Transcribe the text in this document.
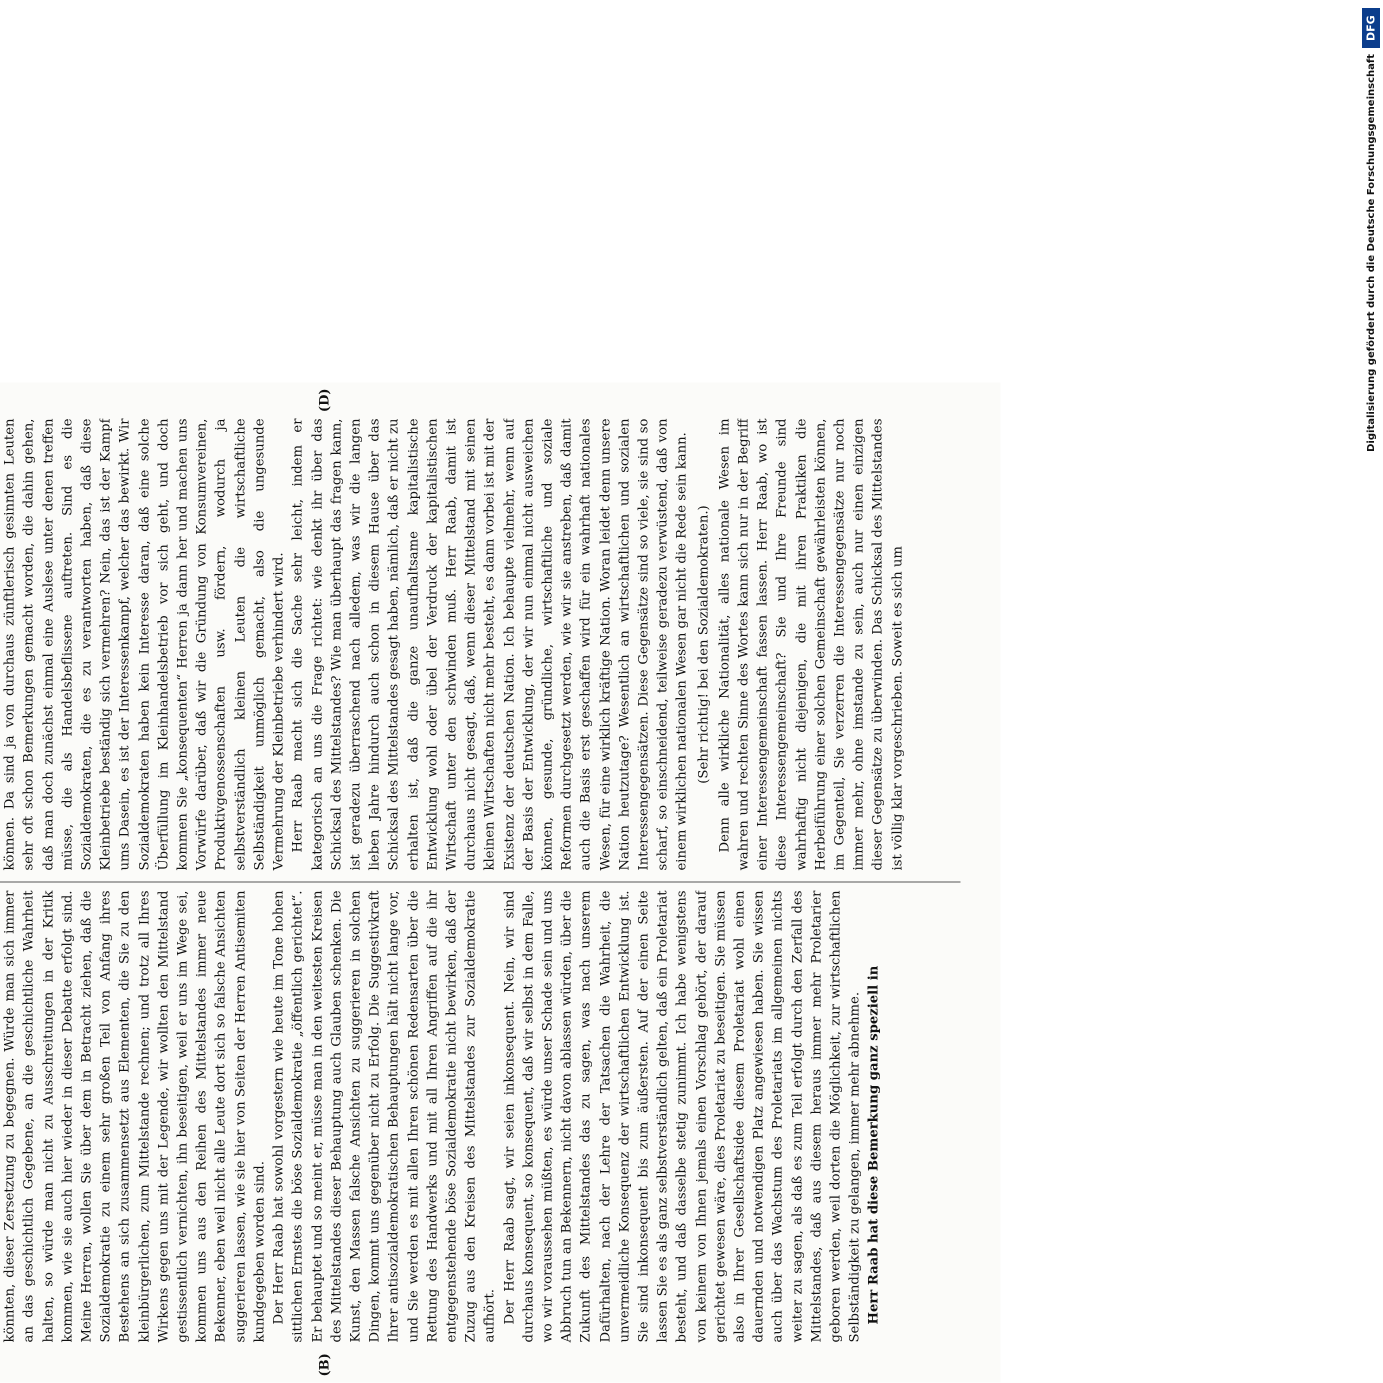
(B)
(D)

könnten, dieser Zersetzung zu begegnen. Würde man sich immer an das geschichtlich Gegebene, an die geschichtliche Wahrheit halten, so würde man nicht zu Ausschreitungen in der Kritik kommen, wie sie auch hier wieder in dieser Debatte erfolgt sind. Meine Herren, wollen Sie über dem in Betracht ziehen, daß die Sozialdemokratie zu einem sehr großen Teil von Anfang ihres Bestehens an sich zusammensetzt aus Elementen, die Sie zu den kleinbürgerlichen, zum Mittelstande rechnen; und trotz all Ihres Wirkens gegen uns mit der Legende, wir wollten den Mittelstand gestissentlich vernichten, ihn beseitigen, weil er uns im Wege sei, kommen uns aus den Reihen des Mittelstandes immer neue Bekenner, eben weil nicht alle Leute dort sich so falsche Ansichten suggerieren lassen, wie sie hier von Seiten der Herren Antisemiten kundgegeben worden sind. Der Herr Raab hat sowohl vorgestern wie heute im Tone hohen sittlichen Ernstes die böse Sozialdemokratie „öffentlich gerichtet“. Er behauptet und so meint er, müsse man in den weitesten Kreisen des Mittelstandes dieser Behauptung auch Glauben schenken. Die Kunst, den Massen falsche Ansichten zu suggerieren in solchen Dingen, kommt uns gegenüber nicht zu Erfolg. Die Suggestivkraft Ihrer antisozialdemokratischen Behauptungen hält nicht lange vor, und Sie werden es mit allen Ihren schönen Redensarten über die Rettung des Handwerks und mit all Ihren Angriffen auf die ihr entgegenstehende böse Sozialdemokratie nicht bewirken, daß der Zuzug aus den Kreisen des Mittelstandes zur Sozialdemokratie aufhört. Der Herr Raab sagt, wir seien inkonsequent. Nein, wir sind durchaus konsequent, so konsequent, daß wir selbst in dem Falle, wo wir voraussehen müßten, es würde unser Schade sein und uns Abbruch tun an Bekennern, nicht davon ablassen würden, über die Zukunft des Mittelstandes das zu sagen, was nach unserem Dafürhalten, nach der Lehre der Tatsachen die Wahrheit, die unvermeidliche Konsequenz der wirtschaftlichen Entwicklung ist. Sie sind inkonsequent bis zum äußersten. Auf der einen Seite lassen Sie es als ganz selbstverständlich gelten, daß ein Proletariat besteht, und daß dasselbe stetig zunimmt. Ich habe wenigstens von keinem von Ihnen jemals einen Vorschlag gehört, der darauf gerichtet gewesen wäre, dies Proletariat zu beseitigen. Sie müssen also in Ihrer Gesellschaftsidee diesem Proletariat wohl einen dauernden und notwendigen Platz angewiesen haben. Sie wissen auch über das Wachstum des Proletariats im allgemeinen nichts weiter zu sagen, als daß es zum Teil erfolgt durch den Zerfall des Mittelstandes, daß aus diesem heraus immer mehr Proletarier geboren werden, weil dorten die Möglichkeit, zur wirtschaftlichen Selbständigkeit zu gelangen, immer mehr abnehme. Herr Raab hat diese Bemerkung ganz speziell in

können. Da sind ja von durchaus zünftlerisch gesinnten Leuten sehr oft schon Bemerkungen gemacht worden, die dahin gehen, daß man doch zunächst einmal eine Auslese unter denen treffen müsse, die als Handelsbeflissene auftreten. Sind es die Sozialdemokraten, die es zu verantworten haben, daß diese Kleinbetriebe beständig sich vermehren? Nein, das ist der Kampf ums Dasein, es ist der Interessenkampf, welcher das bewirkt. Wir Sozialdemokraten haben kein Interesse daran, daß eine solche Überfüllung im Kleinhandelsbetrieb vor sich geht, und doch kommen Sie „konsequenten“ Herren ja dann her und machen uns Vorwürfe darüber, daß wir die Gründung von Konsumvereinen, Produktivgenossenschaften usw. fördern, wodurch ja selbstverständlich kleinen Leuten die wirtschaftliche Selbständigkeit unmöglich gemacht, also die ungesunde Vermehrung der Kleinbetriebe verhindert wird. Herr Raab macht sich die Sache sehr leicht, indem er kategorisch an uns die Frage richtet: wie denkt ihr über das Schicksal des Mittelstandes? Wie man überhaupt das fragen kann, ist geradezu überraschend nach alledem, was wir die langen lieben Jahre hindurch auch schon in diesem Hause über das Schicksal des Mittelstandes gesagt haben, nämlich, daß er nicht zu erhalten ist, daß die ganze unaufhaltsame kapitalistische Entwicklung wohl oder übel der Verdruck der kapitalistischen Wirtschaft unter den schwinden muß. Herr Raab, damit ist durchaus nicht gesagt, daß, wenn dieser Mittelstand mit seinen kleinen Wirtschaften nicht mehr besteht, es dann vorbei ist mit der Existenz der deutschen Nation. Ich behaupte vielmehr, wenn auf der Basis der Entwicklung, der wir nun einmal nicht ausweichen können, gesunde, gründliche, wirtschaftliche und soziale Reformen durchgesetzt werden, wie wir sie anstreben, daß damit auch die Basis erst geschaffen wird für ein wahrhaft nationales Wesen, für eine wirklich kräftige Nation. Woran leidet denn unsere Nation heutzutage? Wesentlich an wirtschaftlichen und sozialen Interessengegensätzen. Diese Gegensätze sind so viele, sie sind so scharf, so einschneidend, teilweise geradezu verwüstend, daß von einem wirklichen nationalen Wesen gar nicht die Rede sein kann. (Sehr richtig! bei den Sozialdemokraten.) Denn alle wirkliche Nationalität, alles nationale Wesen im wahren und rechten Sinne des Wortes kann sich nur in der Begriff einer Interessengemeinschaft fassen lassen. Herr Raab, wo ist diese Interessengemeinschaft? Sie und Ihre Freunde sind wahrhaftig nicht diejenigen, die mit ihren Praktiken die Herbeiführung einer solchen Gemeinschaft gewährleisten können, im Gegenteil, Sie verzerren die Interessengegensätze nur noch immer mehr, ohne imstande zu sein, auch nur einen einzigen dieser Gegensätze zu überwinden. Das Schicksal des Mittelstandes ist völlig klar vorgeschrieben. Soweit es sich um

DFG
Digitalisierung gefördert durch die Deutsche Forschungsgemeinschaft
